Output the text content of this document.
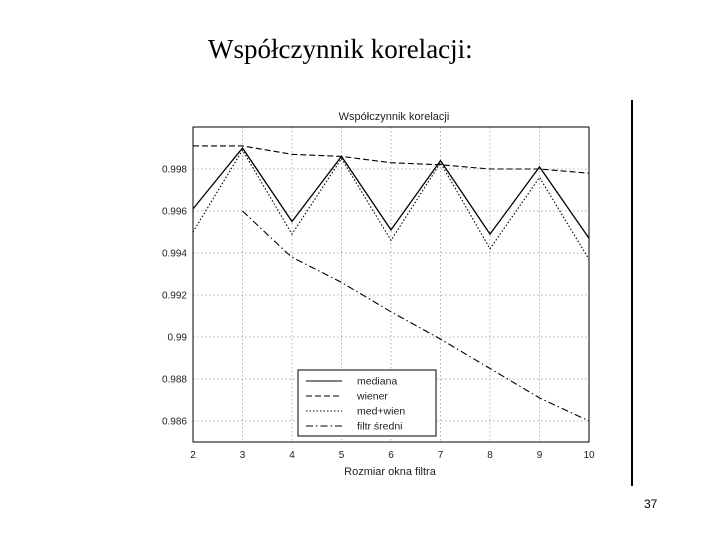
Współczynnik korelacji:
Współczynnik korelacji
2	3	4	5	6	7	8	9	10
0.986
0.988
0.99
0.992
0.994
0.996
0.998
Rozmiar okna filtra
mediana
wiener
med+wien
filtr średni
37
